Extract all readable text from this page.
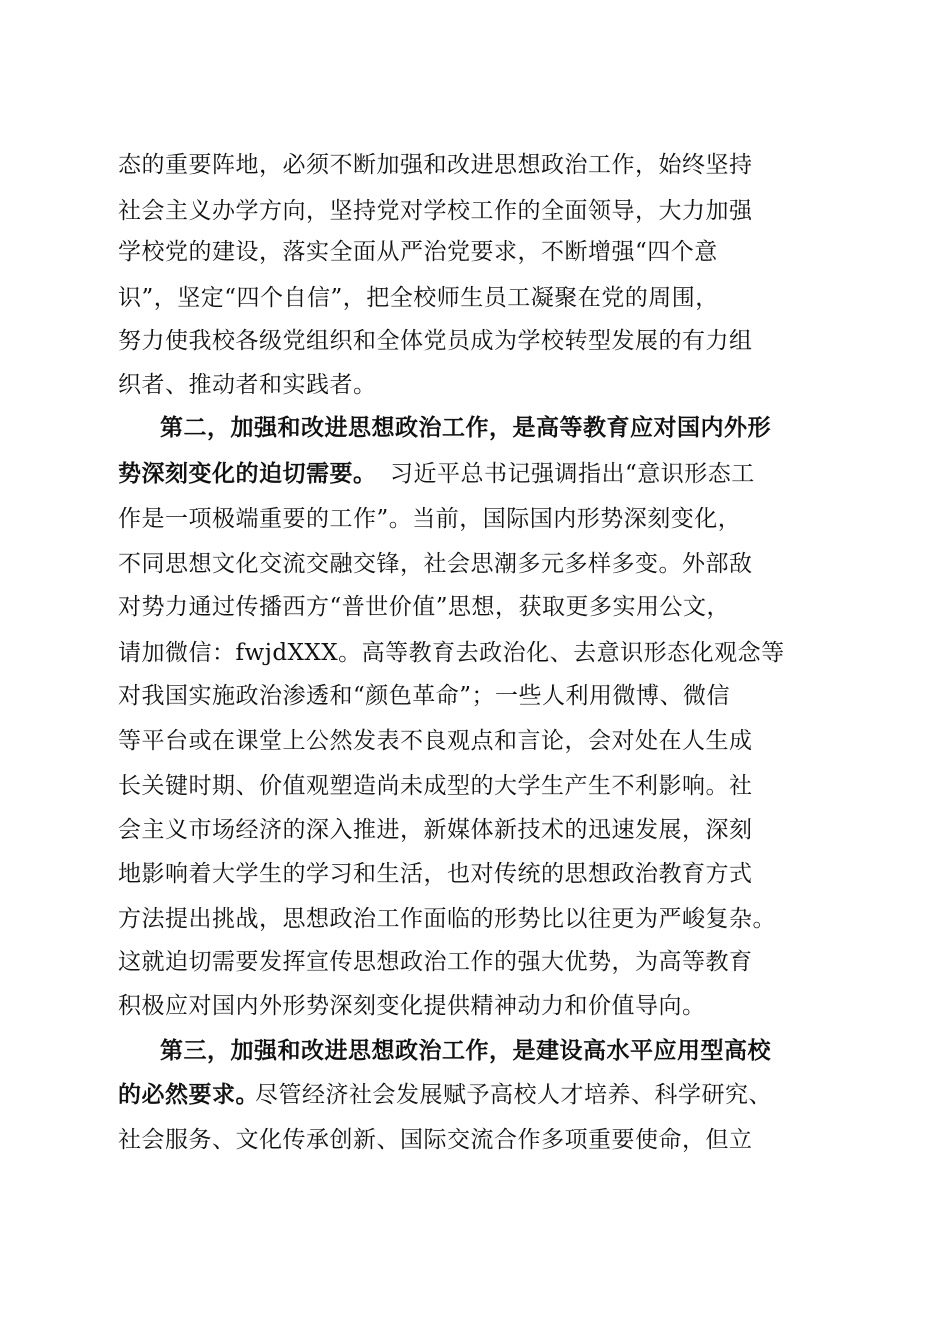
态的重要阵地，必须不断加强和改进思想政治工作，始终坚持
社会主义办学方向，坚持党对学校工作的全面领导，大力加强
学校党的建设，落实全面从严治党要求，不断增强“四个意
识”，坚定“四个自信”，把全校师生员工凝聚在党的周围，
努力使我校各级党组织和全体党员成为学校转型发展的有力组
织者、推动者和实践者。
第二，加强和改进思想政治工作，是高等教育应对国内外形
势深刻变化的迫切需要。 习近平总书记强调指出“意识形态工
作是一项极端重要的工作”。当前，国际国内形势深刻变化，
不同思想文化交流交融交锋，社会思潮多元多样多变。外部敌
对势力通过传播西方“普世价值”思想，获取更多实用公文，
请加微信：fwjdXXX。高等教育去政治化、去意识形态化观念等
对我国实施政治渗透和“颜色革命”；一些人利用微博、微信
等平台或在课堂上公然发表不良观点和言论，会对处在人生成
长关键时期、价值观塑造尚未成型的大学生产生不利影响。社
会主义市场经济的深入推进，新媒体新技术的迅速发展，深刻
地影响着大学生的学习和生活，也对传统的思想政治教育方式
方法提出挑战，思想政治工作面临的形势比以往更为严峻复杂。
这就迫切需要发挥宣传思想政治工作的强大优势，为高等教育
积极应对国内外形势深刻变化提供精神动力和价值导向。
第三，加强和改进思想政治工作，是建设高水平应用型高校
的必然要求。
尽管经济社会发展赋予高校人才培养、科学研究、
社会服务、文化传承创新、国际交流合作多项重要使命，但立
